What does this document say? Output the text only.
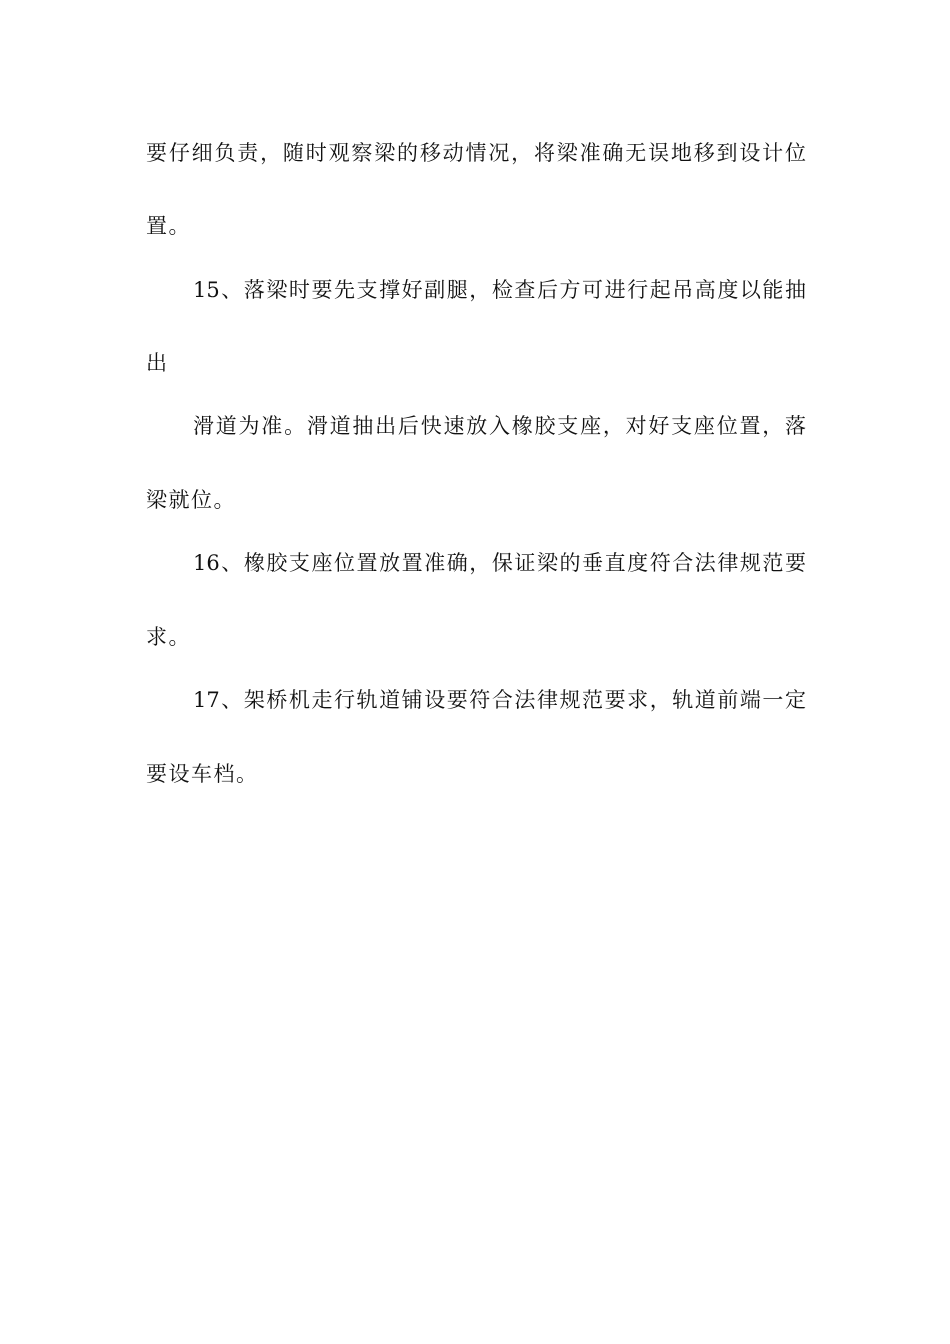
要仔细负责，随时观察梁的移动情况，将梁准确无误地移到设计位
置。
15、落梁时要先支撑好副腿，检查后方可进行起吊高度以能抽
出
滑道为准。滑道抽出后快速放入橡胶支座，对好支座位置，落
梁就位。
16、橡胶支座位置放置准确，保证梁的垂直度符合法律规范要
求。
17、架桥机走行轨道铺设要符合法律规范要求，轨道前端一定
要设车档。
